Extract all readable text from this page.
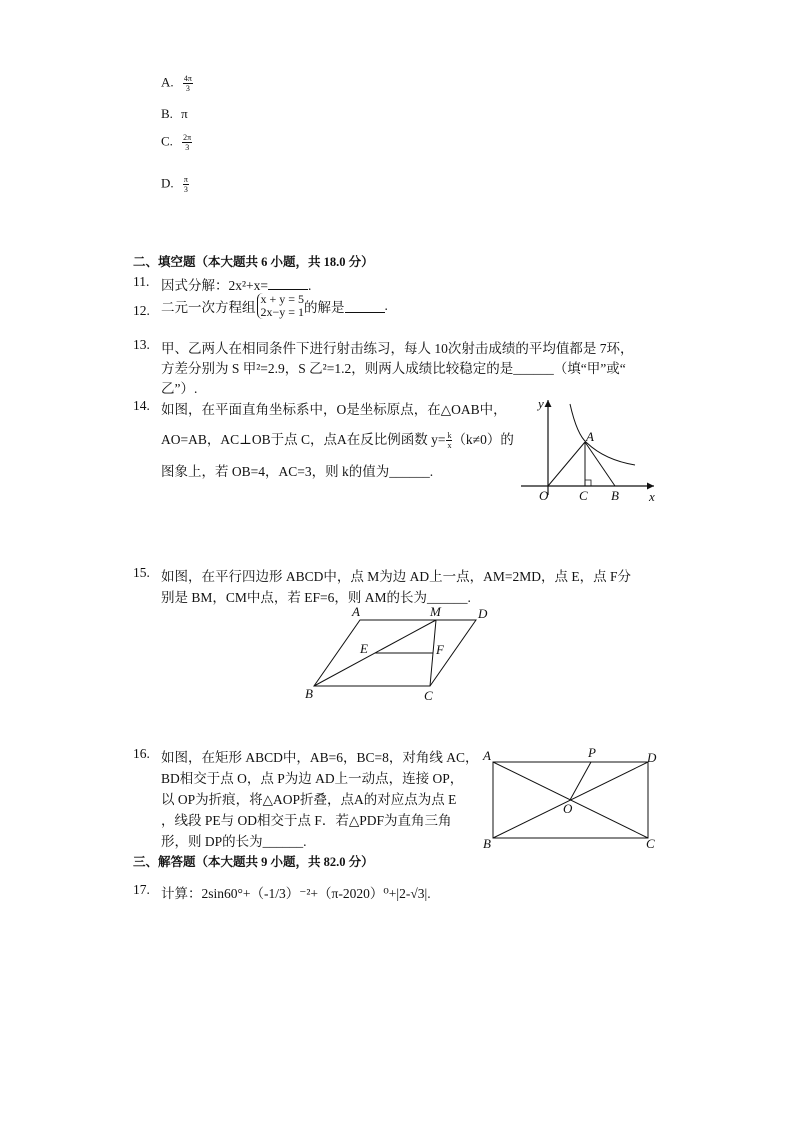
A. $\frac{4\pi}{3}$
B. π
C. $\frac{2\pi}{3}$
D. $\frac{\pi}{3}$
二、填空题（本大题共 6 小题，共 18.0 分）
11. 因式分解：2x²+x=	.
12. 二元一次方程组
x + y = 5
2x−y = 1 的解是	.
13. 甲、乙两人在相同条件下进行射击练习，每人 10次射击成绩的平均值都是 7环，
方差分别为 S 甲²=2.9，S 乙²=1.2，则两人成绩比较稳定的是______（填“甲”或“
乙”）.
14. 如图，在平面直角坐标系中，O是坐标原点，在△OAB中，
AO=AB，AC⊥OB于点 C，点A在反比例函数 $y= \frac{k}{x} (k\ne 0)$的
图象上，若 OB=4，AC=3，则 k的值为______.
y
x
A
O C B
15. 如图，在平行四边形 ABCD中，点 M为边 AD上一点，AM=2MD，点 E，点 F分
别是 BM，CM中点，若 EF=6，则 AM的长为______.
A	M	D
E	F
B	C
16. 如图，在矩形 ABCD中，AB=6，BC=8，对角线 AC，
BD相交于点 O，点 P为边 AD上一动点，连接 OP，
以 OP为折痕，将△AOP折叠，点A的对应点为点 E
，线段 PE与 OD相交于点 F．若△PDF为直角三角
形，则 DP的长为______.
A	P	D
O
B	C
三、解答题（本大题共 9 小题，共 82.0 分）
17. 计算：2sin60°+（-1/3）⁻²+（π-2020）⁰+|2-√3|.
